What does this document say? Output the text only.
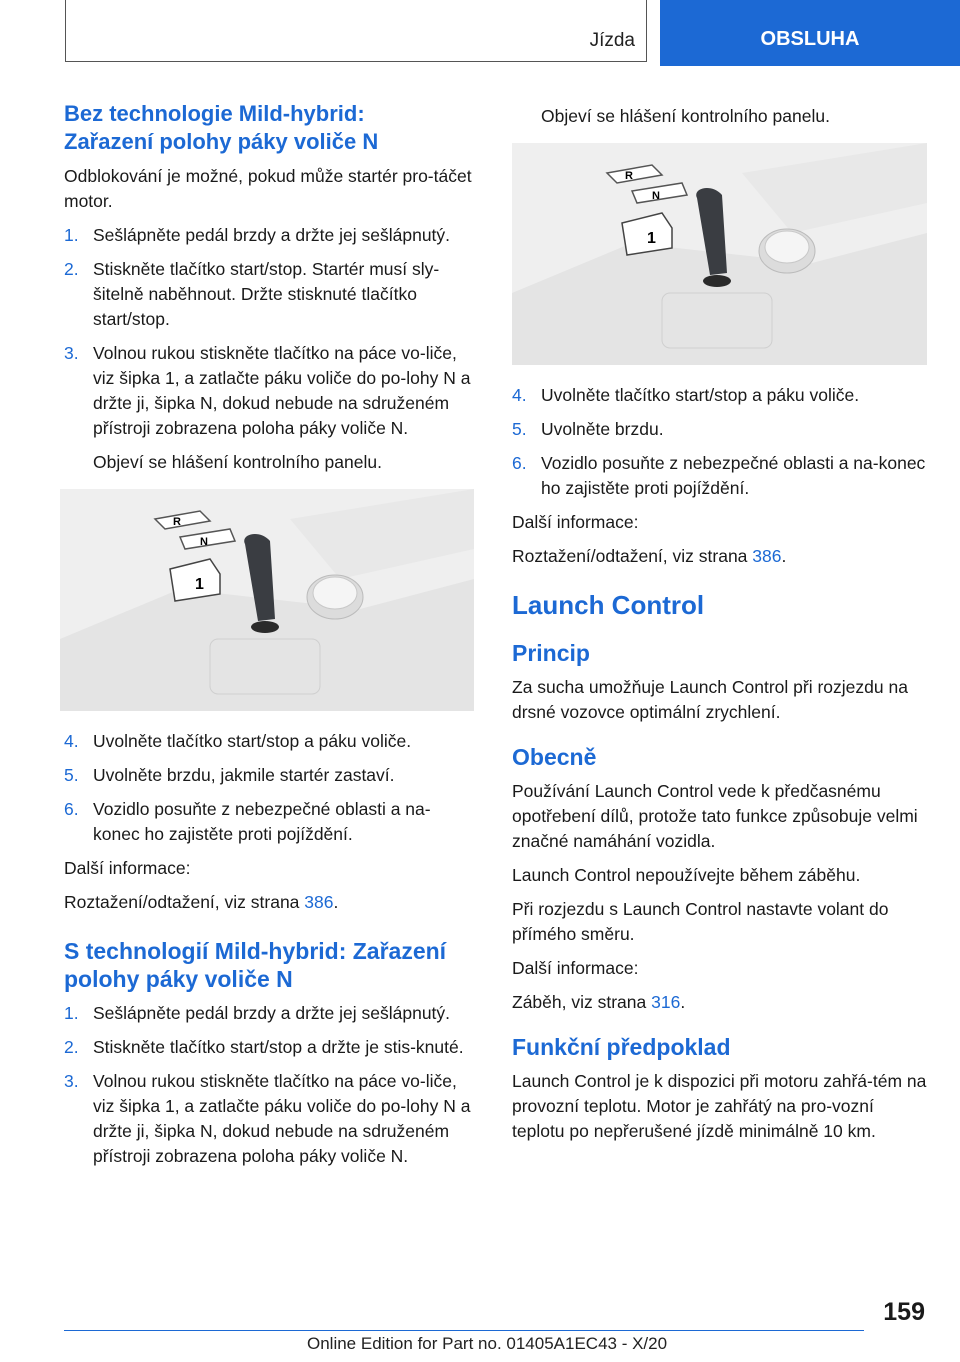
Jízda	OBSLUHA
Bez technologie Mild-hybrid:
Zařazení polohy páky voliče N

Odblokování je možné, pokud může startér pro-táčet motor.

1. Sešlápněte pedál brzdy a držte jej sešlápnutý.
2. Stiskněte tlačítko start/stop. Startér musí sly-šitelně naběhnout. Držte stisknuté tlačítko start/stop.
3. Volnou rukou stiskněte tlačítko na páce vo-liče, viz šipka 1, a zatlačte páku voliče do po-lohy N a držte ji, šipka N, dokud nebude na sdruženém přístroji zobrazena poloha páky voliče N.

Objeví se hlášení kontrolního panelu.

R
N
1
4. Uvolněte tlačítko start/stop a páku voliče.
5. Uvolněte brzdu, jakmile startér zastaví.
6. Vozidlo posuňte z nebezpečné oblasti a na-konec ho zajistěte proti pojíždění.

Další informace:

Roztažení/odtažení, viz strana 386.

S technologií Mild-hybrid: Zařazení polohy páky voliče N
1. Sešlápněte pedál brzdy a držte jej sešlápnutý.
2. Stiskněte tlačítko start/stop a držte je stis-knuté.
3. Volnou rukou stiskněte tlačítko na páce vo-liče, viz šipka 1, a zatlačte páku voliče do po-lohy N a držte ji, šipka N, dokud nebude na sdruženém přístroji zobrazena poloha páky voliče N.

Objeví se hlášení kontrolního panelu.

R
N
1
4. Uvolněte tlačítko start/stop a páku voliče.
5. Uvolněte brzdu.
6. Vozidlo posuňte z nebezpečné oblasti a na-konec ho zajistěte proti pojíždění.

Další informace:

Roztažení/odtažení, viz strana 386.

Launch Control
Princip

Za sucha umožňuje Launch Control při rozjezdu na drsné vozovce optimální zrychlení.

Obecně

Používání Launch Control vede k předčasnému opotřebení dílů, protože tato funkce způsobuje velmi značné namáhání vozidla.

Launch Control nepoužívejte během záběhu.

Při rozjezdu s Launch Control nastavte volant do přímého směru.

Další informace:

Záběh, viz strana 316.

Funkční předpoklad

Launch Control je k dispozici při motoru zahřá-tém na provozní teplotu. Motor je zahřátý na pro-vozní teplotu po nepřerušené jízdě minimálně 10 km.

159
Online Edition for Part no. 01405A1EC43 - X/20
